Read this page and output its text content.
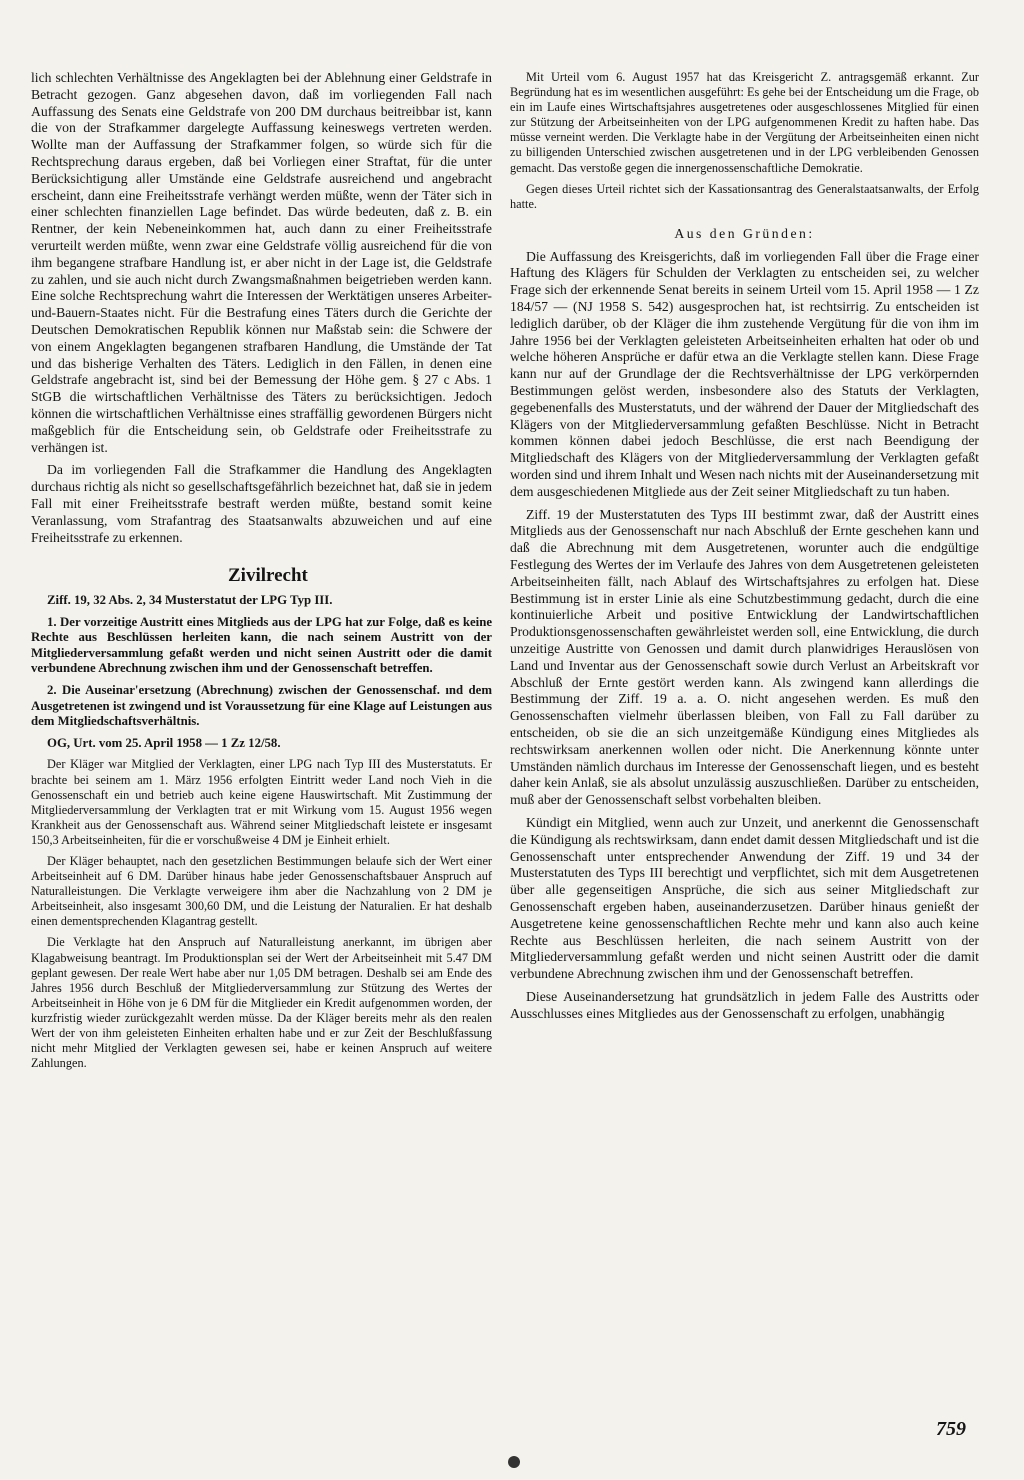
lich schlechten Verhältnisse des Angeklagten bei der Ablehnung einer Geldstrafe in Betracht gezogen. Ganz abgesehen davon, daß im vorliegenden Fall nach Auffassung des Senats eine Geldstrafe von 200 DM durchaus beitreibbar ist, kann die von der Strafkammer dargelegte Auffassung keineswegs vertreten werden. Wollte man der Auffassung der Strafkammer folgen, so würde sich für die Rechtsprechung daraus ergeben, daß bei Vorliegen einer Straftat, für die unter Berücksichtigung aller Umstände eine Geldstrafe ausreichend und angebracht erscheint, dann eine Freiheitsstrafe verhängt werden müßte, wenn der Täter sich in einer schlechten finanziellen Lage befindet. Das würde bedeuten, daß z. B. ein Rentner, der kein Nebeneinkommen hat, auch dann zu einer Freiheitsstrafe verurteilt werden müßte, wenn zwar eine Geldstrafe völlig ausreichend für die von ihm begangene strafbare Handlung ist, er aber nicht in der Lage ist, die Geldstrafe zu zahlen, und sie auch nicht durch Zwangsmaßnahmen beigetrieben werden kann. Eine solche Rechtsprechung wahrt die Interessen der Werktätigen unseres Arbeiter-und-Bauern-Staates nicht. Für die Bestrafung eines Täters durch die Gerichte der Deutschen Demokratischen Republik können nur Maßstab sein: die Schwere der von einem Angeklagten begangenen strafbaren Handlung, die Umstände der Tat und das bisherige Verhalten des Täters. Lediglich in den Fällen, in denen eine Geldstrafe angebracht ist, sind bei der Bemessung der Höhe gem. § 27 c Abs. 1 StGB die wirtschaftlichen Verhältnisse des Täters zu berücksichtigen. Jedoch können die wirtschaftlichen Verhältnisse eines straffällig gewordenen Bürgers nicht maßgeblich für die Entscheidung sein, ob Geldstrafe oder Freiheitsstrafe zu verhängen ist.

Da im vorliegenden Fall die Strafkammer die Handlung des Angeklagten durchaus richtig als nicht so gesellschaftsgefährlich bezeichnet hat, daß sie in jedem Fall mit einer Freiheitsstrafe bestraft werden müßte, bestand somit keine Veranlassung, vom Strafantrag des Staatsanwalts abzuweichen und auf eine Freiheitsstrafe zu erkennen.

Zivilrecht

Ziff. 19, 32 Abs. 2, 34 Musterstatut der LPG Typ III.

1. Der vorzeitige Austritt eines Mitglieds aus der LPG hat zur Folge, daß es keine Rechte aus Beschlüssen herleiten kann, die nach seinem Austritt von der Mitgliederversammlung gefaßt werden und nicht seinen Austritt oder die damit verbundene Abrechnung zwischen ihm und der Genossenschaft betreffen.

2. Die Auseinar'ersetzung (Abrechnung) zwischen der Genossenschaf. ınd dem Ausgetretenen ist zwingend und ist Voraussetzung für eine Klage auf Leistungen aus dem Mitgliedschaftsverhältnis.

OG, Urt. vom 25. April 1958 — 1 Zz 12/58.

Der Kläger war Mitglied der Verklagten, einer LPG nach Typ III des Musterstatuts. Er brachte bei seinem am 1. März 1956 erfolgten Eintritt weder Land noch Vieh in die Genossenschaft ein und betrieb auch keine eigene Hauswirtschaft. Mit Zustimmung der Mitgliederversammlung der Verklagten trat er mit Wirkung vom 15. August 1956 wegen Krankheit aus der Genossenschaft aus. Während seiner Mitgliedschaft leistete er insgesamt 150,3 Arbeitseinheiten, für die er vorschußweise 4 DM je Einheit erhielt.

Der Kläger behauptet, nach den gesetzlichen Bestimmungen belaufe sich der Wert einer Arbeitseinheit auf 6 DM. Darüber hinaus habe jeder Genossenschaftsbauer Anspruch auf Naturalleistungen. Die Verklagte verweigere ihm aber die Nachzahlung von 2 DM je Arbeitseinheit, also insgesamt 300,60 DM, und die Leistung der Naturalien. Er hat deshalb einen dementsprechenden Klagantrag gestellt.

Die Verklagte hat den Anspruch auf Naturalleistung anerkannt, im übrigen aber Klagabweisung beantragt. Im Produktionsplan sei der Wert der Arbeitseinheit mit 5.47 DM geplant gewesen. Der reale Wert habe aber nur 1,05 DM betragen. Deshalb sei am Ende des Jahres 1956 durch Beschluß der Mitgliederversammlung zur Stützung des Wertes der Arbeitseinheit in Höhe von je 6 DM für die Mitglieder ein Kredit aufgenommen worden, der kurzfristig wieder zurückgezahlt werden müsse. Da der Kläger bereits mehr als den realen Wert der von ihm geleisteten Einheiten erhalten habe und er zur Zeit der Beschlußfassung nicht mehr Mitglied der Verklagten gewesen sei, habe er keinen Anspruch auf weitere Zahlungen.

Mit Urteil vom 6. August 1957 hat das Kreisgericht Z. antragsgemäß erkannt. Zur Begründung hat es im wesentlichen ausgeführt: Es gehe bei der Entscheidung um die Frage, ob ein im Laufe eines Wirtschaftsjahres ausgetretenes oder ausgeschlossenes Mitglied für einen zur Stützung der Arbeitseinheiten von der LPG aufgenommenen Kredit zu haften habe. Das müsse verneint werden. Die Verklagte habe in der Vergütung der Arbeitseinheiten einen nicht zu billigenden Unterschied zwischen ausgetretenen und in der LPG verbleibenden Genossen gemacht. Das verstoße gegen die innergenossenschaftliche Demokratie.

Gegen dieses Urteil richtet sich der Kassationsantrag des Generalstaatsanwalts, der Erfolg hatte.

Aus den Gründen:

Die Auffassung des Kreisgerichts, daß im vorliegenden Fall über die Frage einer Haftung des Klägers für Schulden der Verklagten zu entscheiden sei, zu welcher Frage sich der erkennende Senat bereits in seinem Urteil vom 15. April 1958 — 1 Zz 184/57 — (NJ 1958 S. 542) ausgesprochen hat, ist rechtsirrig. Zu entscheiden ist lediglich darüber, ob der Kläger die ihm zustehende Vergütung für die von ihm im Jahre 1956 bei der Verklagten geleisteten Arbeitseinheiten erhalten hat oder ob und welche höheren Ansprüche er dafür etwa an die Verklagte stellen kann. Diese Frage kann nur auf der Grundlage der die Rechtsverhältnisse der LPG verkörpernden Bestimmungen gelöst werden, insbesondere also des Statuts der Verklagten, gegebenenfalls des Musterstatuts, und der während der Dauer der Mitgliedschaft des Klägers von der Mitgliederversammlung gefaßten Beschlüsse. Nicht in Betracht kommen können dabei jedoch Beschlüsse, die erst nach Beendigung der Mitgliedschaft des Klägers von der Mitgliederversammlung der Verklagten gefaßt worden sind und ihrem Inhalt und Wesen nach nichts mit der Auseinandersetzung mit dem ausgeschiedenen Mitgliede aus der Zeit seiner Mitgliedschaft zu tun haben.

Ziff. 19 der Musterstatuten des Typs III bestimmt zwar, daß der Austritt eines Mitglieds aus der Genossenschaft nur nach Abschluß der Ernte geschehen kann und daß die Abrechnung mit dem Ausgetretenen, worunter auch die endgültige Festlegung des Wertes der im Verlaufe des Jahres von dem Ausgetretenen geleisteten Arbeitseinheiten fällt, nach Ablauf des Wirtschaftsjahres zu erfolgen hat. Diese Bestimmung ist in erster Linie als eine Schutzbestimmung gedacht, durch die eine kontinuierliche Arbeit und positive Entwicklung der Landwirtschaftlichen Produktionsgenossenschaften gewährleistet werden soll, eine Entwicklung, die durch unzeitige Austritte von Genossen und damit durch planwidriges Herauslösen von Land und Inventar aus der Genossenschaft sowie durch Verlust an Arbeitskraft vor Abschluß der Ernte gestört werden kann. Als zwingend kann allerdings die Bestimmung der Ziff. 19 a. a. O. nicht angesehen werden. Es muß den Genossenschaften vielmehr überlassen bleiben, von Fall zu Fall darüber zu entscheiden, ob sie die an sich unzeitgemäße Kündigung eines Mitgliedes als rechtswirksam anerkennen wollen oder nicht. Die Anerkennung könnte unter Umständen nämlich durchaus im Interesse der Genossenschaft liegen, und es besteht daher kein Anlaß, sie als absolut unzulässig auszuschließen. Darüber zu entscheiden, muß aber der Genossenschaft selbst vorbehalten bleiben.

Kündigt ein Mitglied, wenn auch zur Unzeit, und anerkennt die Genossenschaft die Kündigung als rechtswirksam, dann endet damit dessen Mitgliedschaft und ist die Genossenschaft unter entsprechender Anwendung der Ziff. 19 und 34 der Musterstatuten des Typs III berechtigt und verpflichtet, sich mit dem Ausgetretenen über alle gegenseitigen Ansprüche, die sich aus seiner Mitgliedschaft zur Genossenschaft ergeben haben, auseinanderzusetzen. Darüber hinaus genießt der Ausgetretene keine genossenschaftlichen Rechte mehr und kann also auch keine Rechte aus Beschlüssen herleiten, die nach seinem Austritt von der Mitgliederversammlung gefaßt werden und nicht seinen Austritt oder die damit verbundene Abrechnung zwischen ihm und der Genossenschaft betreffen.

Diese Auseinandersetzung hat grundsätzlich in jedem Falle des Austritts oder Ausschlusses eines Mitgliedes aus der Genossenschaft zu erfolgen, unabhängig

759
